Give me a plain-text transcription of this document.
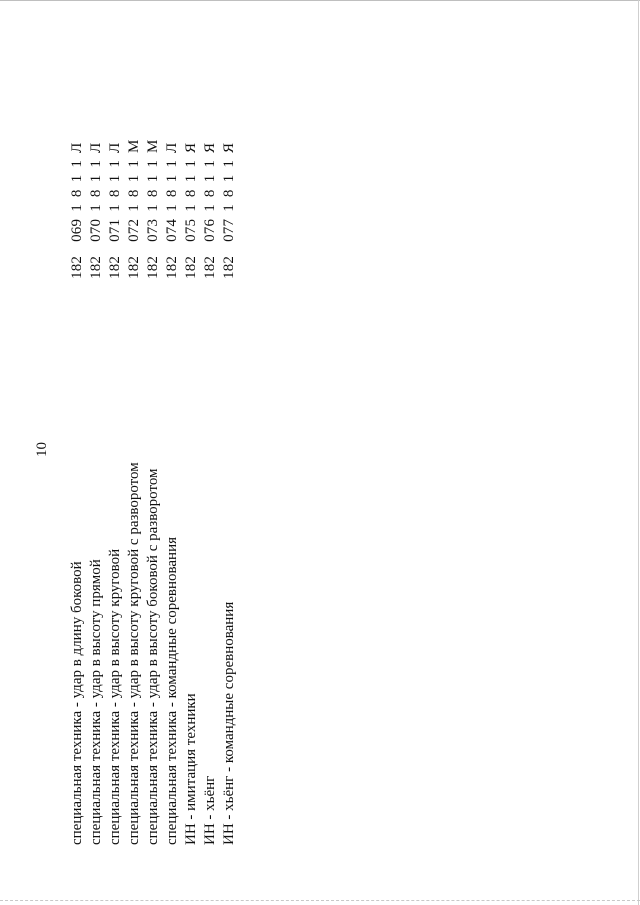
10
специальная техника - удар в длину боковой
1820691811Л
специальная техника - удар в высоту прямой
1820701811Л
специальная техника - удар в высоту круговой
1820711811Л
специальная техника - удар в высоту круговой с разворотом
1820721811М
специальная техника - удар в высоту боковой с разворотом
1820731811М
специальная техника - командные соревнования
1820741811Л
ИН - имитация техники
1820751811Я
ИН - хьёнг
1820761811Я
ИН - хьёнг - командные соревнования
1820771811Я
